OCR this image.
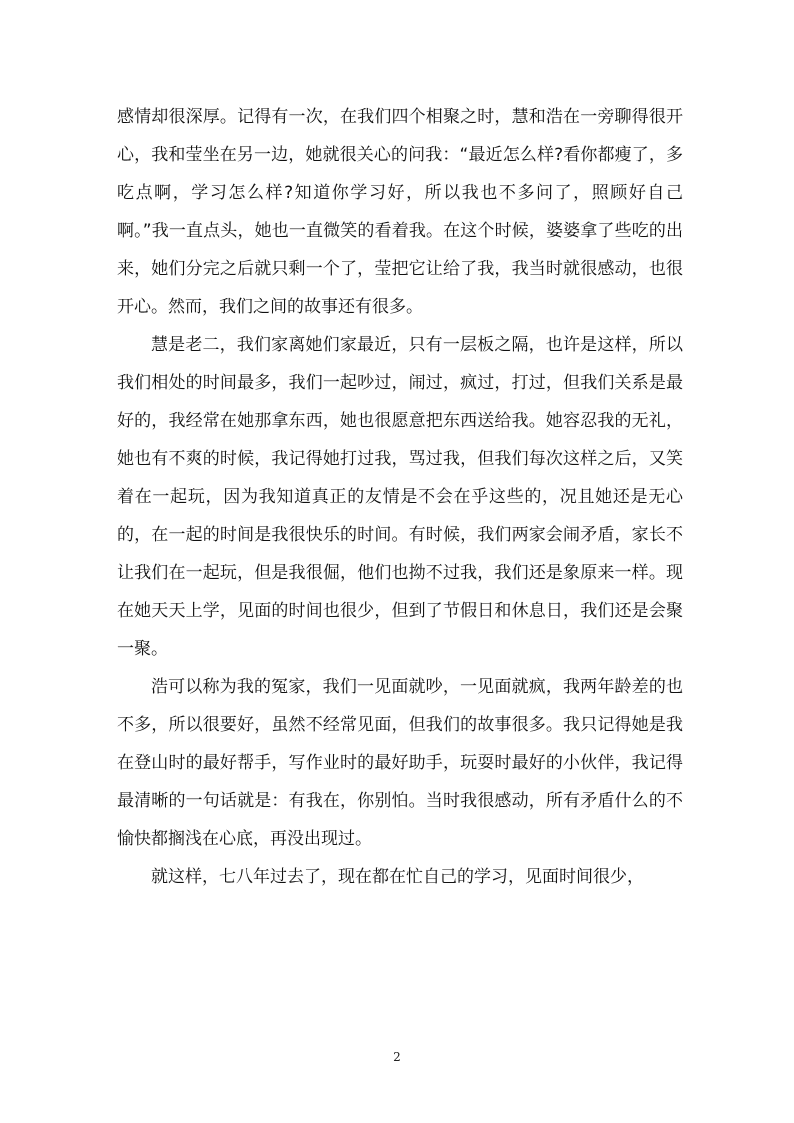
感情却很深厚。记得有一次，在我们四个相聚之时，慧和浩在一旁聊得很开心，我和莹坐在另一边，她就很关心的问我：“最近怎么样?看你都瘦了，多吃点啊，学习怎么样?知道你学习好，所以我也不多问了，照顾好自己啊。”我一直点头，她也一直微笑的看着我。在这个时候，婆婆拿了些吃的出来，她们分完之后就只剩一个了，莹把它让给了我，我当时就很感动，也很开心。然而，我们之间的故事还有很多。

慧是老二，我们家离她们家最近，只有一层板之隔，也许是这样，所以我们相处的时间最多，我们一起吵过，闹过，疯过，打过，但我们关系是最好的，我经常在她那拿东西，她也很愿意把东西送给我。她容忍我的无礼，她也有不爽的时候，我记得她打过我，骂过我，但我们每次这样之后，又笑着在一起玩，因为我知道真正的友情是不会在乎这些的，况且她还是无心的，在一起的时间是我很快乐的时间。有时候，我们两家会闹矛盾，家长不让我们在一起玩，但是我很倔，他们也拗不过我，我们还是象原来一样。现在她天天上学，见面的时间也很少，但到了节假日和休息日，我们还是会聚一聚。

浩可以称为我的冤家，我们一见面就吵，一见面就疯，我两年龄差的也不多，所以很要好，虽然不经常见面，但我们的故事很多。我只记得她是我在登山时的最好帮手，写作业时的最好助手，玩耍时最好的小伙伴，我记得最清晰的一句话就是：有我在，你别怕。当时我很感动，所有矛盾什么的不愉快都搁浅在心底，再没出现过。

就这样，七八年过去了，现在都在忙自己的学习，见面时间很少，

2
